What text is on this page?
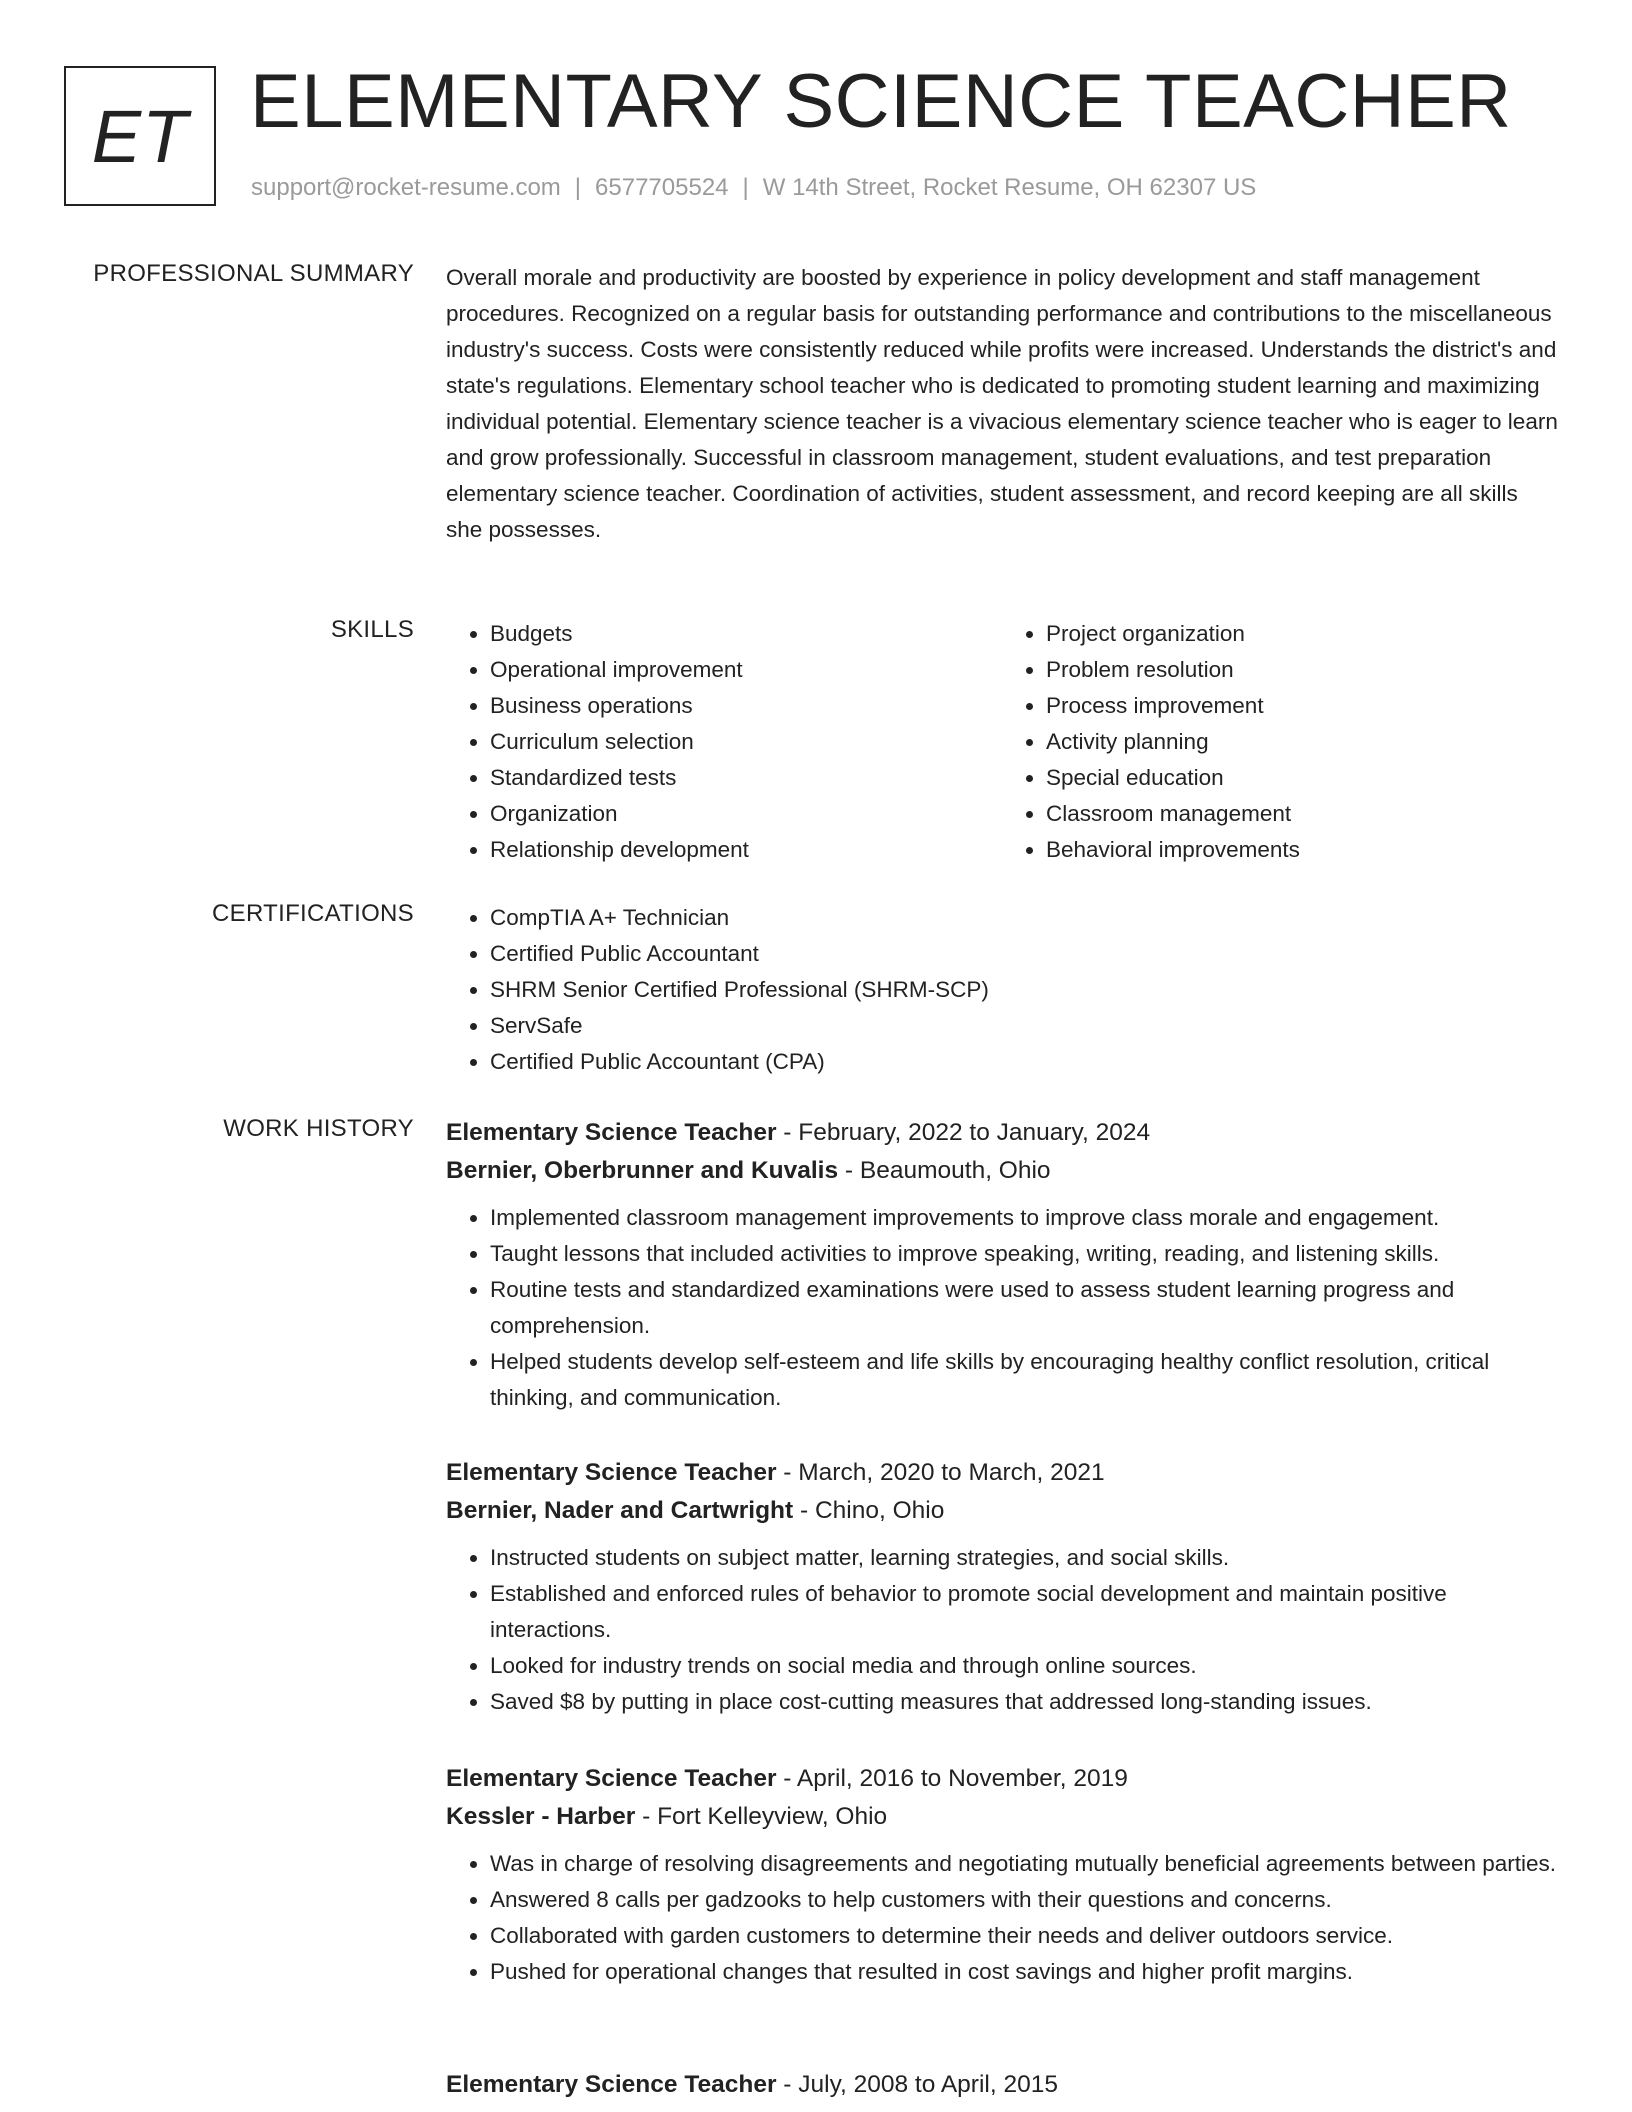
ET ELEMENTARY SCIENCE TEACHER
support@rocket-resume.com | 6577705524 | W 14th Street, Rocket Resume, OH 62307 US
PROFESSIONAL SUMMARY Overall morale and productivity are boosted by experience in policy development and staff management procedures. Recognized on a regular basis for outstanding performance and contributions to the miscellaneous industry's success. Costs were consistently reduced while profits were increased. Understands the district's and state's regulations. Elementary school teacher who is dedicated to promoting student learning and maximizing individual potential. Elementary science teacher is a vivacious elementary science teacher who is eager to learn and grow professionally. Successful in classroom management, student evaluations, and test preparation elementary science teacher. Coordination of activities, student assessment, and record keeping are all skills she possesses.
SKILLS	• Budgets
• Operational improvement
• Business operations
• Curriculum selection
• Standardized tests
• Organization
• Relationship development
• Project organization
• Problem resolution
• Process improvement
• Activity planning
• Special education
• Classroom management
• Behavioral improvements
CERTIFICATIONS	• CompTIA A+ Technician
• Certified Public Accountant
• SHRM Senior Certified Professional (SHRM-SCP)
• ServSafe
• Certified Public Accountant (CPA)
WORK HISTORY Elementary Science Teacher - February, 2022 to January, 2024
Bernier, Oberbrunner and Kuvalis - Beaumouth, Ohio
• Implemented classroom management improvements to improve class morale and engagement.
• Taught lessons that included activities to improve speaking, writing, reading, and listening skills.
• Routine tests and standardized examinations were used to assess student learning progress and comprehension.
• Helped students develop self-esteem and life skills by encouraging healthy conflict resolution, critical thinking, and communication.
Elementary Science Teacher - March, 2020 to March, 2021
Bernier, Nader and Cartwright - Chino, Ohio
• Instructed students on subject matter, learning strategies, and social skills.
• Established and enforced rules of behavior to promote social development and maintain positive interactions.
• Looked for industry trends on social media and through online sources.
• Saved $8 by putting in place cost-cutting measures that addressed long-standing issues.
Elementary Science Teacher - April, 2016 to November, 2019
Kessler - Harber - Fort Kelleyview, Ohio
• Was in charge of resolving disagreements and negotiating mutually beneficial agreements between parties.
• Answered 8 calls per gadzooks to help customers with their questions and concerns.
• Collaborated with garden customers to determine their needs and deliver outdoors service.
• Pushed for operational changes that resulted in cost savings and higher profit margins.
Elementary Science Teacher - July, 2008 to April, 2015
